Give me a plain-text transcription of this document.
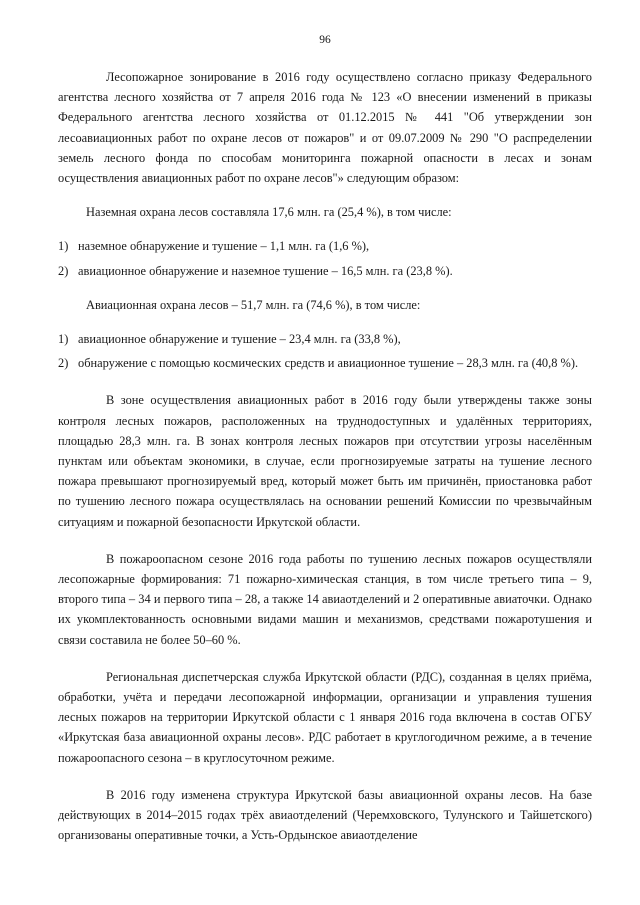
96

Лесопожарное зонирование в 2016 году осуществлено согласно приказу Федерального агентства лесного хозяйства от 7 апреля 2016 года № 123 «О внесении изменений в приказы Федерального агентства лесного хозяйства от 01.12.2015 № 441 "Об утверждении зон лесоавиационных работ по охране лесов от пожаров" и от 09.07.2009 № 290 "О распределении земель лесного фонда по способам мониторинга пожарной опасности в лесах и зонам осуществления авиационных работ по охране лесов"» следующим образом:

Наземная охрана лесов составляла 17,6 млн. га (25,4 %), в том числе:

1) наземное обнаружение и тушение – 1,1 млн. га (1,6 %),

2) авиационное обнаружение и наземное тушение – 16,5 млн. га (23,8 %).

Авиационная охрана лесов – 51,7 млн. га (74,6 %), в том числе:

1) авиационное обнаружение и тушение – 23,4 млн. га (33,8 %),

2) обнаружение с помощью космических средств и авиационное тушение – 28,3 млн. га (40,8 %).

В зоне осуществления авиационных работ в 2016 году были утверждены также зоны контроля лесных пожаров, расположенных на труднодоступных и удалённых территориях, площадью 28,3 млн. га. В зонах контроля лесных пожаров при отсутствии угрозы населённым пунктам или объектам экономики, в случае, если прогнозируемые затраты на тушение лесного пожара превышают прогнозируемый вред, который может быть им причинён, приостановка работ по тушению лесного пожара осуществлялась на основании решений Комиссии по чрезвычайным ситуациям и пожарной безопасности Иркутской области.

В пожароопасном сезоне 2016 года работы по тушению лесных пожаров осуществляли лесопожарные формирования: 71 пожарно-химическая станция, в том числе третьего типа – 9, второго типа – 34 и первого типа – 28, а также 14 авиаотделений и 2 оперативные авиаточки. Однако их укомплектованность основными видами машин и механизмов, средствами пожаротушения и связи составила не более 50–60 %.

Региональная диспетчерская служба Иркутской области (РДС), созданная в целях приёма, обработки, учёта и передачи лесопожарной информации, организации и управления тушения лесных пожаров на территории Иркутской области с 1 января 2016 года включена в состав ОГБУ «Иркутская база авиационной охраны лесов». РДС работает в круглогодичном режиме, а в течение пожароопасного сезона – в круглосуточном режиме.

В 2016 году изменена структура Иркутской базы авиационной охраны лесов. На базе действующих в 2014–2015 годах трёх авиаотделений (Черемховского, Тулунского и Тайшетского) организованы оперативные точки, а Усть-Ордынское авиаотделение
